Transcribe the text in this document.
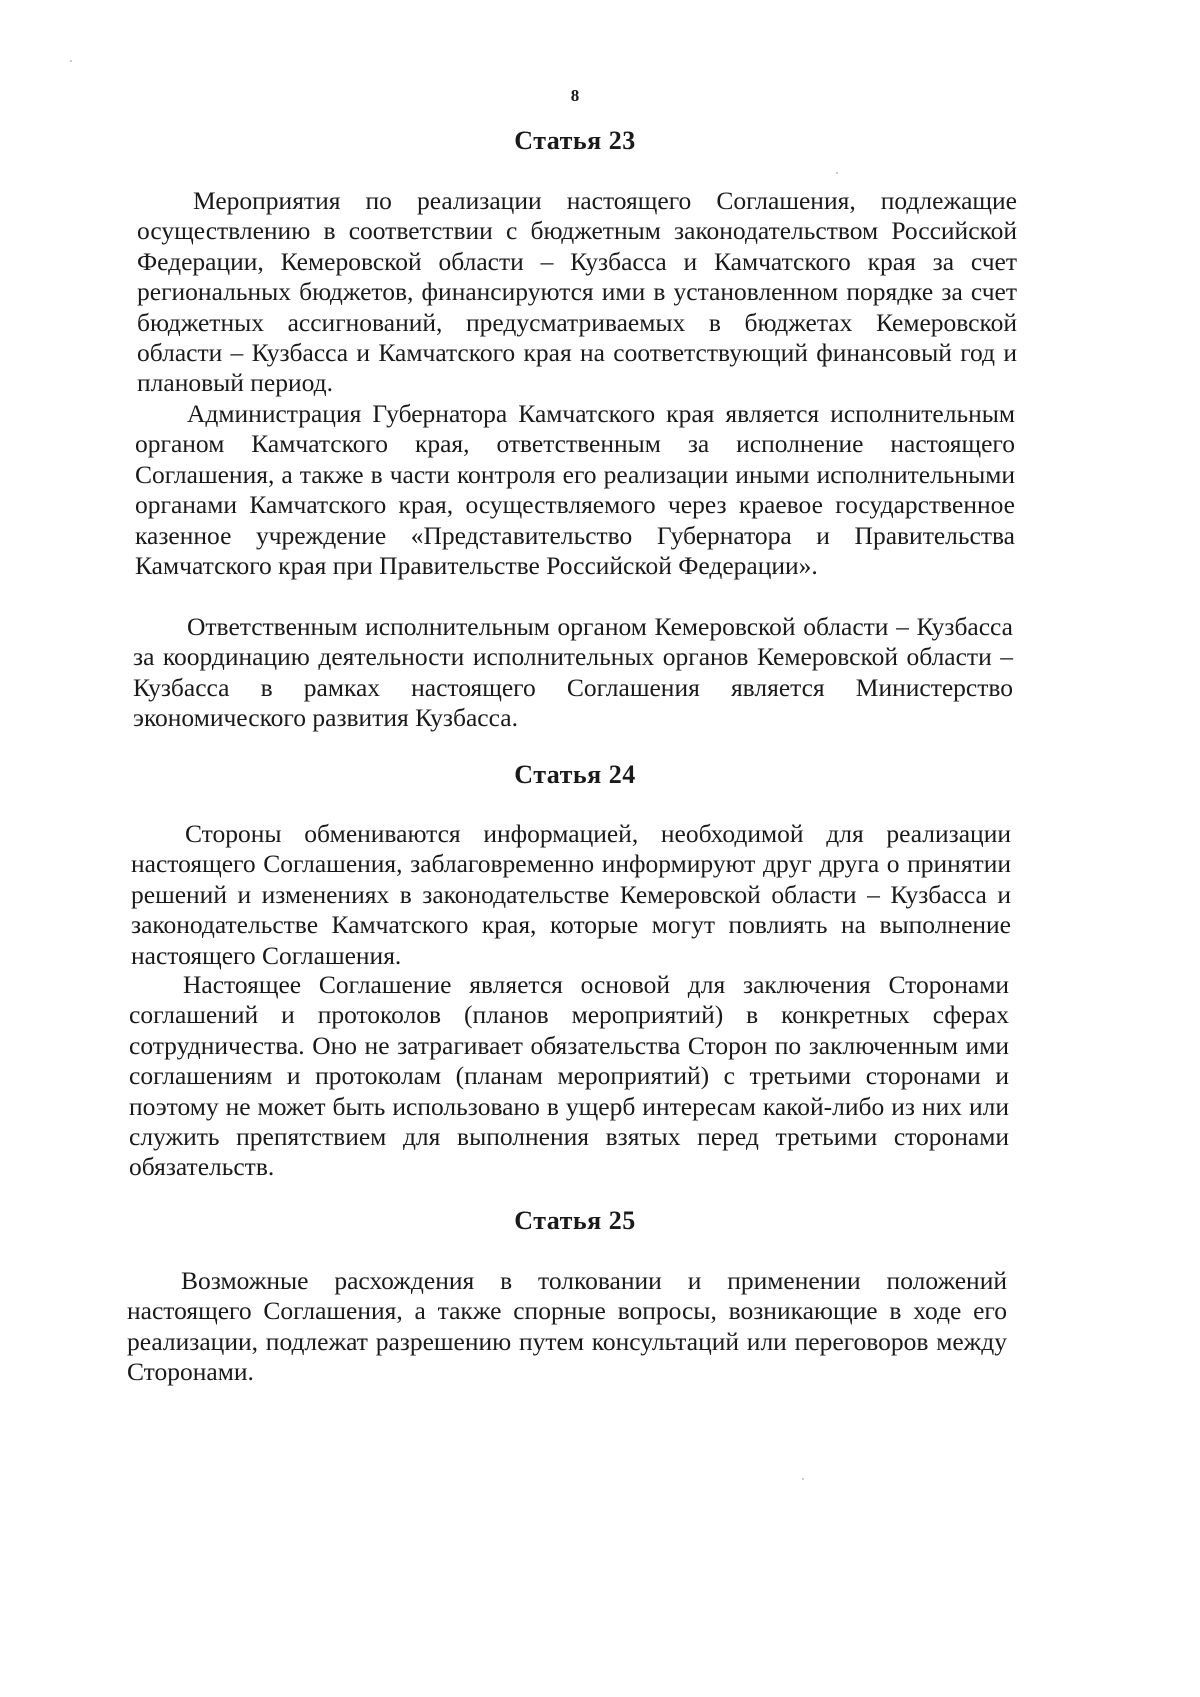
8
Статья 23

Мероприятия по реализации настоящего Соглашения, подлежащие осуществлению в соответствии с бюджетным законодательством Российской Федерации, Кемеровской области – Кузбасса и Камчатского края за счет региональных бюджетов, финансируются ими в установленном порядке за счет бюджетных ассигнований, предусматриваемых в бюджетах Кемеровской области – Кузбасса и Камчатского края на соответствующий финансовый год и плановый период.

Администрация Губернатора Камчатского края является исполнительным органом Камчатского края, ответственным за исполнение настоящего Соглашения, а также в части контроля его реализации иными исполнительными органами Камчатского края, осуществляемого через краевое государственное казенное учреждение «Представительство Губернатора и Правительства Камчатского края при Правительстве Российской Федерации».

Ответственным исполнительным органом Кемеровской области – Кузбасса за координацию деятельности исполнительных органов Кемеровской области – Кузбасса в рамках настоящего Соглашения является Министерство экономического развития Кузбасса.

Статья 24

Стороны обмениваются информацией, необходимой для реализации настоящего Соглашения, заблаговременно информируют друг друга о принятии решений и изменениях в законодательстве Кемеровской области – Кузбасса и законодательстве Камчатского края, которые могут повлиять на выполнение настоящего Соглашения.

Настоящее Соглашение является основой для заключения Сторонами соглашений и протоколов (планов мероприятий) в конкретных сферах сотрудничества. Оно не затрагивает обязательства Сторон по заключенным ими соглашениям и протоколам (планам мероприятий) с третьими сторонами и поэтому не может быть использовано в ущерб интересам какой-либо из них или служить препятствием для выполнения взятых перед третьими сторонами обязательств.

Статья 25

Возможные расхождения в толковании и применении положений настоящего Соглашения, а также спорные вопросы, возникающие в ходе его реализации, подлежат разрешению путем консультаций или переговоров между Сторонами.
